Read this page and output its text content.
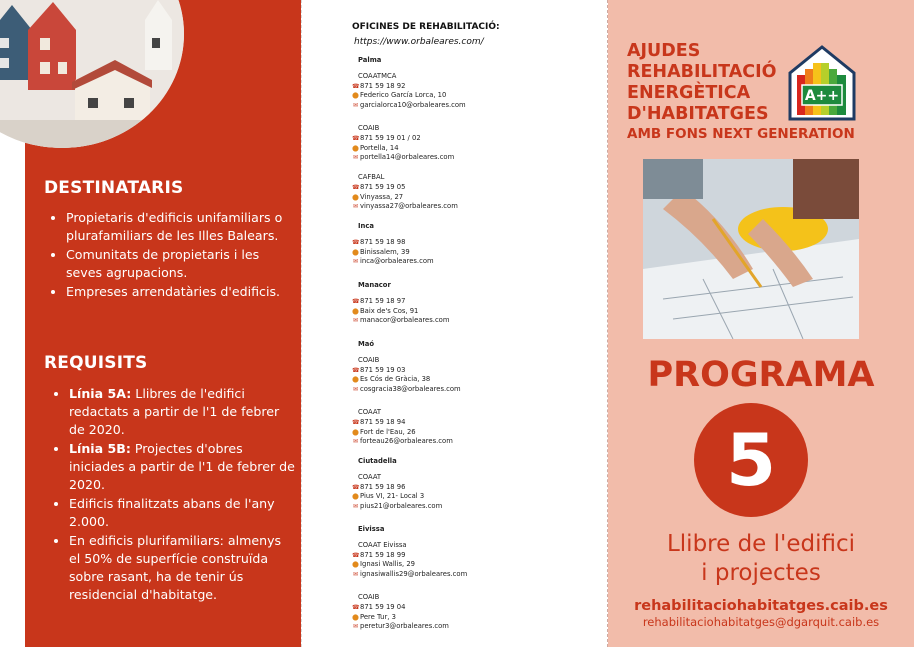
DESTINATARIS
• Propietaris d'edificis unifamiliars o plurafamiliars de les Illes Balears.
• Comunitats de propietaris i les seves agrupacions.
• Empreses arrendatàries d'edificis.
REQUISITS
• Línia 5A: Llibres de l'edifici redactats a partir de l'1 de febrer de 2020.
• Línia 5B: Projectes d'obres iniciades a partir de l'1 de febrer de 2020.
• Edificis finalitzats abans de l'any 2.000.
• En edificis plurifamiliars: almenys el 50% de superfície construïda sobre rasant, ha de tenir ús residencial d'habitatge.
OFICINES DE REHABILITACIÓ:
https://www.orbaleares.com/
Palma
COAATMCA
☎ 871 59 18 92
⬤ Federico García Lorca, 10
✉ garcialorca10@orbaleares.com
COAIB
☎ 871 59 19 01 / 02
⬤ Portella, 14
✉ portella14@orbaleares.com
CAFBAL
☎ 871 59 19 05
⬤ Vinyassa, 27
✉ vinyassa27@orbaleares.com
Inca
☎ 871 59 18 98
⬤ Binissalem, 39
✉ inca@orbaleares.com
Manacor
☎ 871 59 18 97
⬤ Baix de's Cos, 91
✉ manacor@orbaleares.com
Maó
COAIB
☎ 871 59 19 03
⬤ Es Cós de Gràcia, 38
✉ cosgracia38@orbaleares.com
COAAT
☎ 871 59 18 94
⬤ Fort de l'Eau, 26
✉ forteau26@orbaleares.com
Ciutadella
COAAT
☎ 871 59 18 96
⬤ Pius VI, 21- Local 3
✉ pius21@orbaleares.com
Eivissa
COAAT Eivissa
☎ 871 59 18 99
⬤ Ignasi Wallis, 29
✉ ignasiwallis29@orbaleares.com
COAIB
☎ 871 59 19 04
⬤ Pere Tur, 3
✉ peretur3@orbaleares.com
AJUDES
REHABILITACIÓ
ENERGÈTICA
D'HABITATGES
AMB FONS NEXT GENERATION
A++
PROGRAMA
5
Llibre de l'edifici
i projectes
rehabilitaciohabitatges.caib.es
rehabilitaciohabitatges@dgarquit.caib.es
